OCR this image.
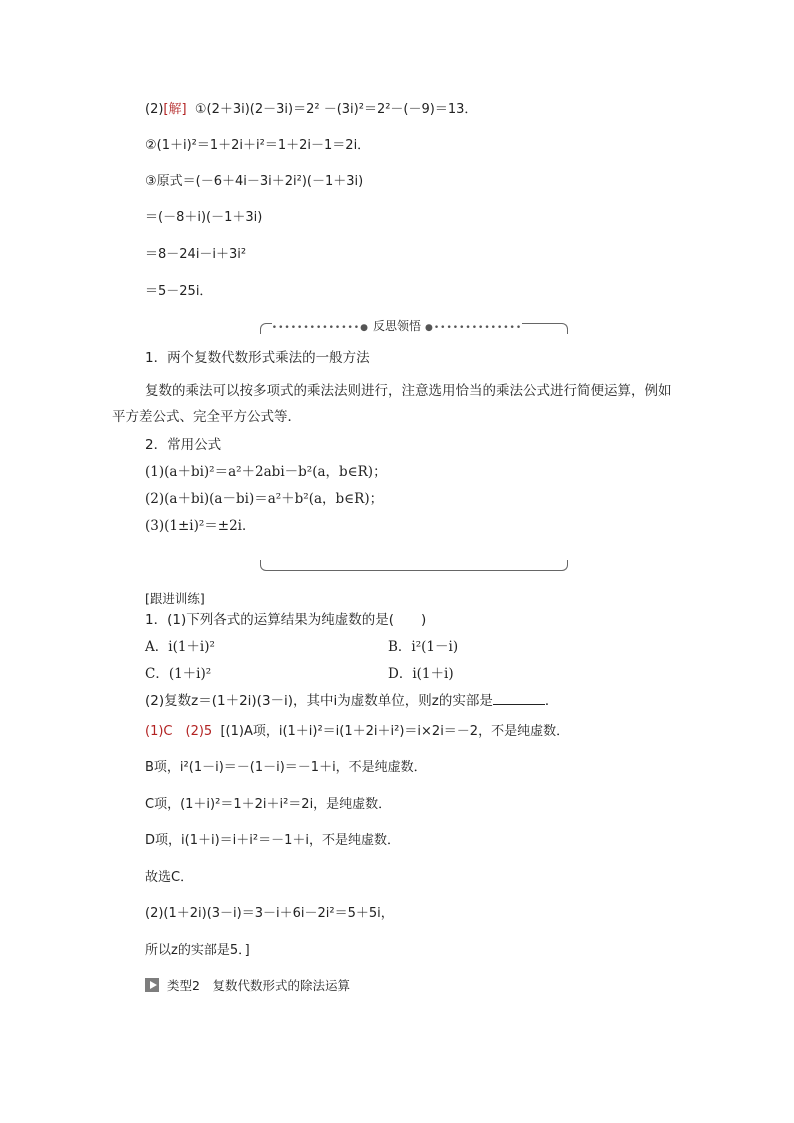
(2)[解] ①(2＋3i)(2－3i)＝2² －(3i)²＝2²－(－9)＝13．
②(1＋i)²＝1＋2i＋i²＝1＋2i－1＝2i．
③原式＝(－6＋4i－3i＋2i²)(－1＋3i)
＝(－8＋i)(－1＋3i)
＝8－24i－i＋3i²
＝5－25i．
••••••••••••••● 反思领悟 ●••••••••••••••
1．两个复数代数形式乘法的一般方法
复数的乘法可以按多项式的乘法法则进行，注意选用恰当的乘法公式进行简便运算，例如平方差公式、完全平方公式等．
2．常用公式
(1)(a＋bi)²＝a²＋2abi－b²(a，b∈R)；
(2)(a＋bi)(a－bi)＝a²＋b²(a，b∈R)；
(3)(1±i)²＝±2i．
[跟进训练]
1．(1)下列各式的运算结果为纯虚数的是(　　)
A．i(1＋i)²	B．i²(1－i)
C．(1＋i)²	D．i(1＋i)
(2)复数z＝(1＋2i)(3－i)，其中i为虚数单位，则z的实部是	．
(1)C　(2)5 [(1)A项，i(1＋i)²＝i(1＋2i＋i²)＝i×2i＝－2，不是纯虚数．
B项，i²(1－i)＝－(1－i)＝－1＋i，不是纯虚数．
C项，(1＋i)²＝1＋2i＋i²＝2i，是纯虚数．
D项，i(1＋i)＝i＋i²＝－1＋i，不是纯虚数．
故选C．
(2)(1＋2i)(3－i)＝3－i＋6i－2i²＝5＋5i，
所以z的实部是5．]
类型2　复数代数形式的除法运算
